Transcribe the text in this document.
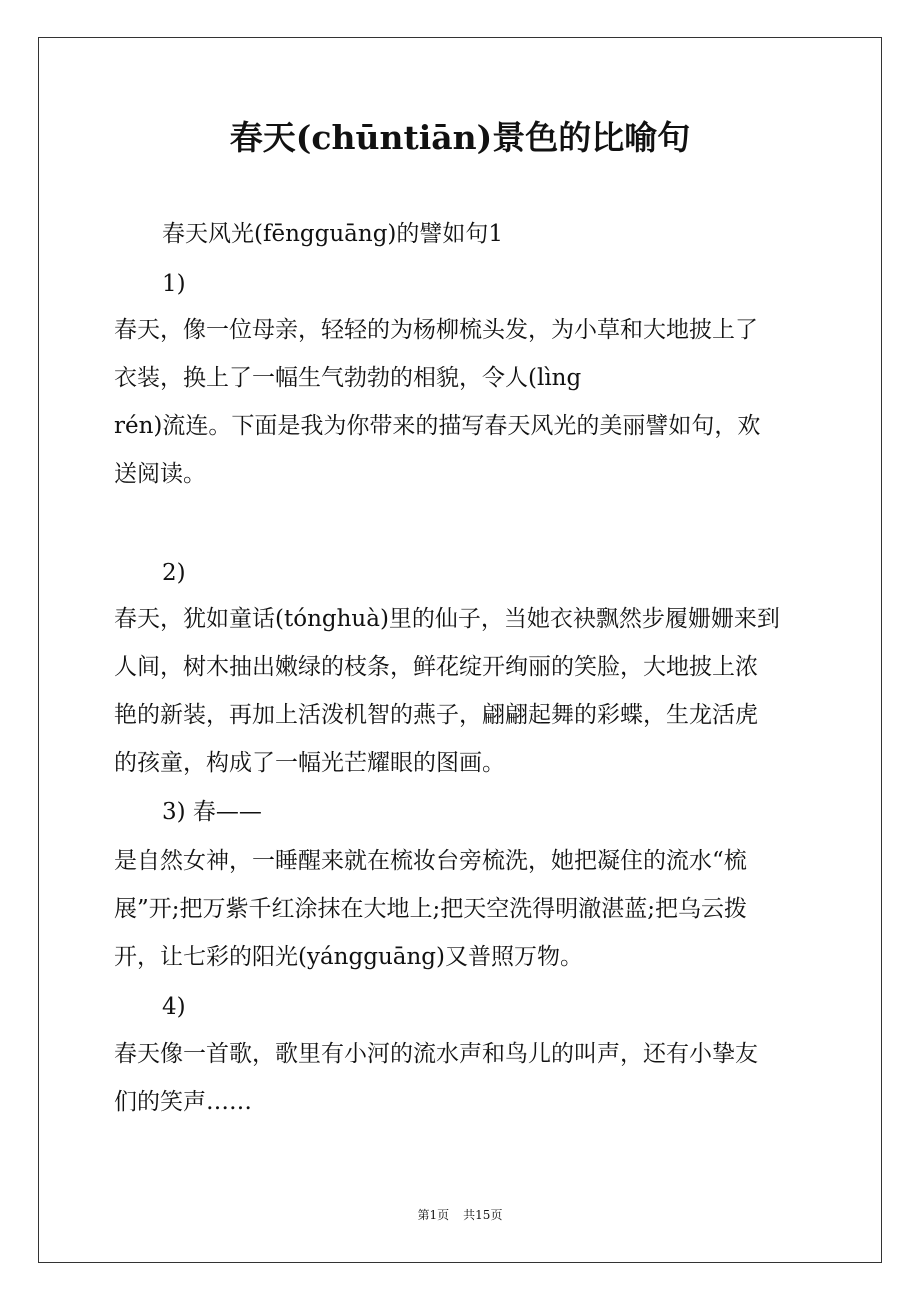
春天(chūntiān)景色的比喻句
春天风光(fēngguāng)的譬如句1
1)
春天，像一位母亲，轻轻的为杨柳梳头发，为小草和大地披上了
衣装，换上了一幅生气勃勃的相貌，令人(lìng
rén)流连。下面是我为你带来的描写春天风光的美丽譬如句，欢
送阅读。
2)
春天，犹如童话(tónghuà)里的仙子，当她衣袂飘然步履姗姗来到
人间，树木抽出嫩绿的枝条，鲜花绽开绚丽的笑脸，大地披上浓
艳的新装，再加上活泼机智的燕子，翩翩起舞的彩蝶，生龙活虎
的孩童，构成了一幅光芒耀眼的图画。
3) 春——
是自然女神，一睡醒来就在梳妆台旁梳洗，她把凝住的流水“梳
展”开;把万紫千红涂抹在大地上;把天空洗得明澈湛蓝;把乌云拨
开，让七彩的阳光(yángguāng)又普照万物。
4)
春天像一首歌，歌里有小河的流水声和鸟儿的叫声，还有小挚友
们的笑声……
第1页 共15页
